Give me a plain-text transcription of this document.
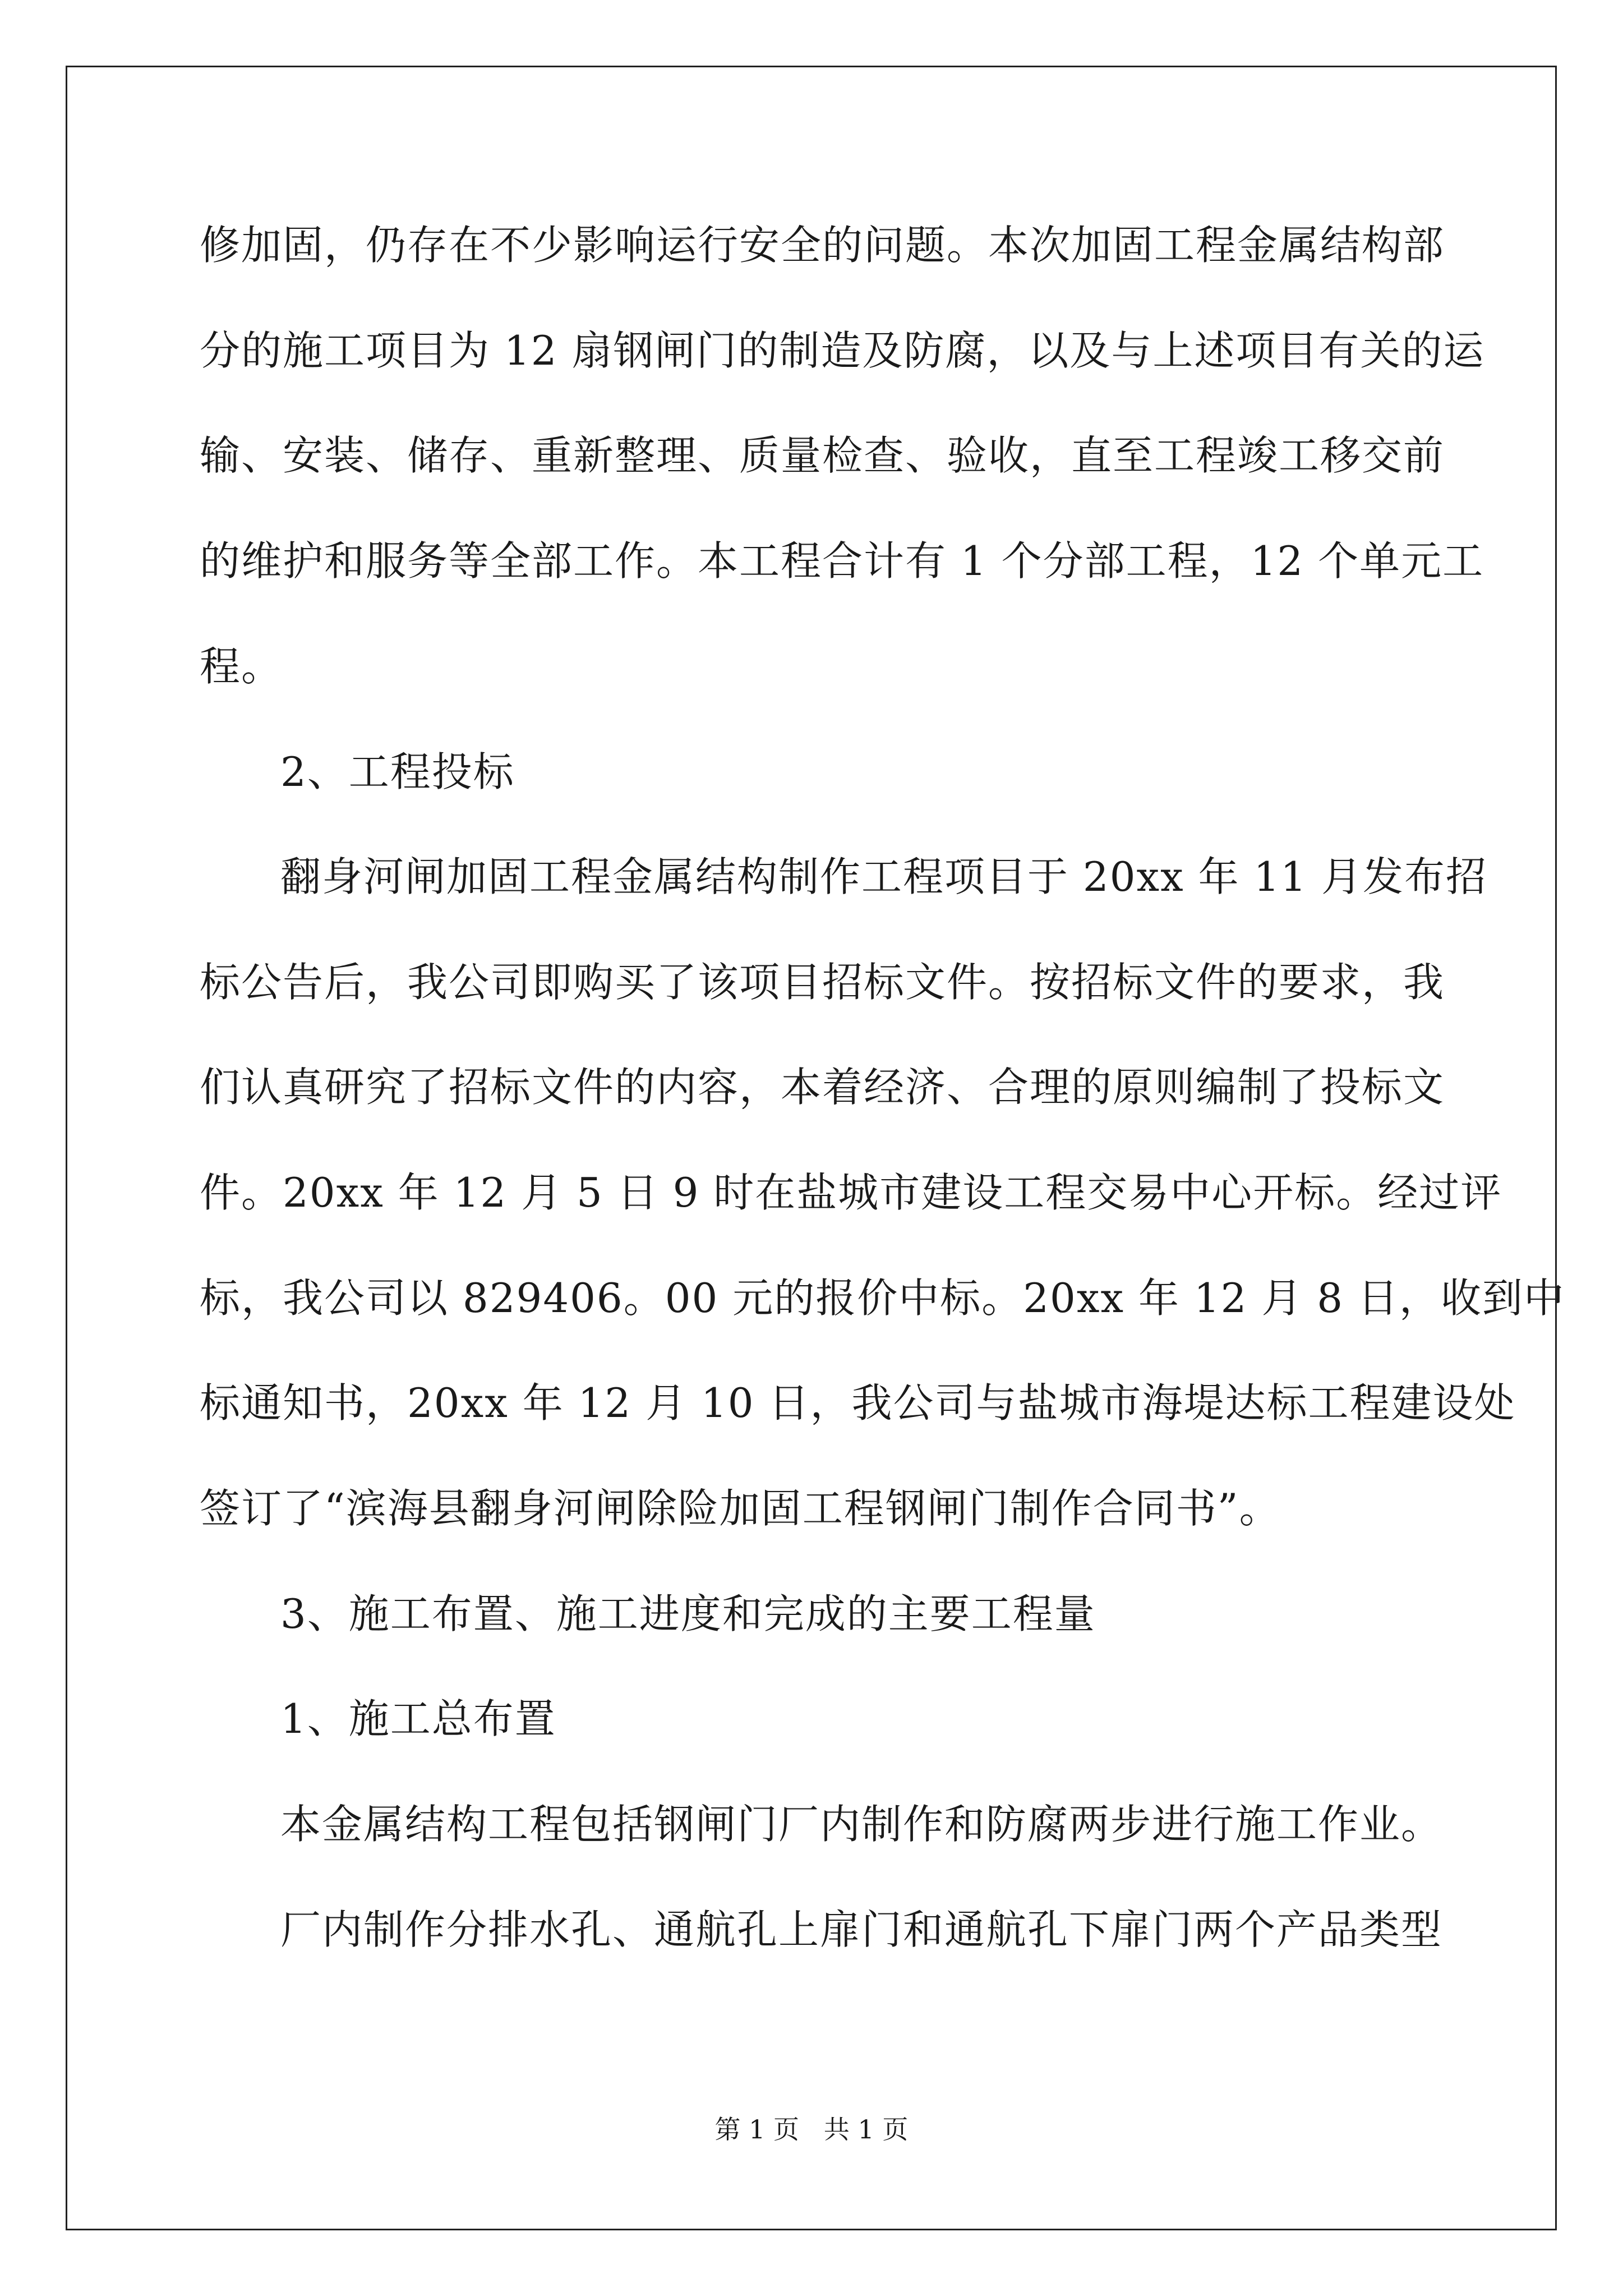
修加固，仍存在不少影响运行安全的问题。本次加固工程金属结构部
分的施工项目为 12 扇钢闸门的制造及防腐，以及与上述项目有关的运
输、安装、储存、重新整理、质量检查、验收，直至工程竣工移交前
的维护和服务等全部工作。本工程合计有 1 个分部工程，12 个单元工
程。
2、工程投标
翻身河闸加固工程金属结构制作工程项目于 20xx 年 11 月发布招
标公告后，我公司即购买了该项目招标文件。按招标文件的要求，我
们认真研究了招标文件的内容，本着经济、合理的原则编制了投标文
件。20xx 年 12 月 5 日 9 时在盐城市建设工程交易中心开标。经过评
标，我公司以 829406。00 元的报价中标。20xx 年 12 月 8 日，收到中
标通知书，20xx 年 12 月 10 日，我公司与盐城市海堤达标工程建设处
签订了“滨海县翻身河闸除险加固工程钢闸门制作合同书”。
3、施工布置、施工进度和完成的主要工程量
1、施工总布置
本金属结构工程包括钢闸门厂内制作和防腐两步进行施工作业。
厂内制作分排水孔、通航孔上扉门和通航孔下扉门两个产品类型
第 1 页   共 1 页
